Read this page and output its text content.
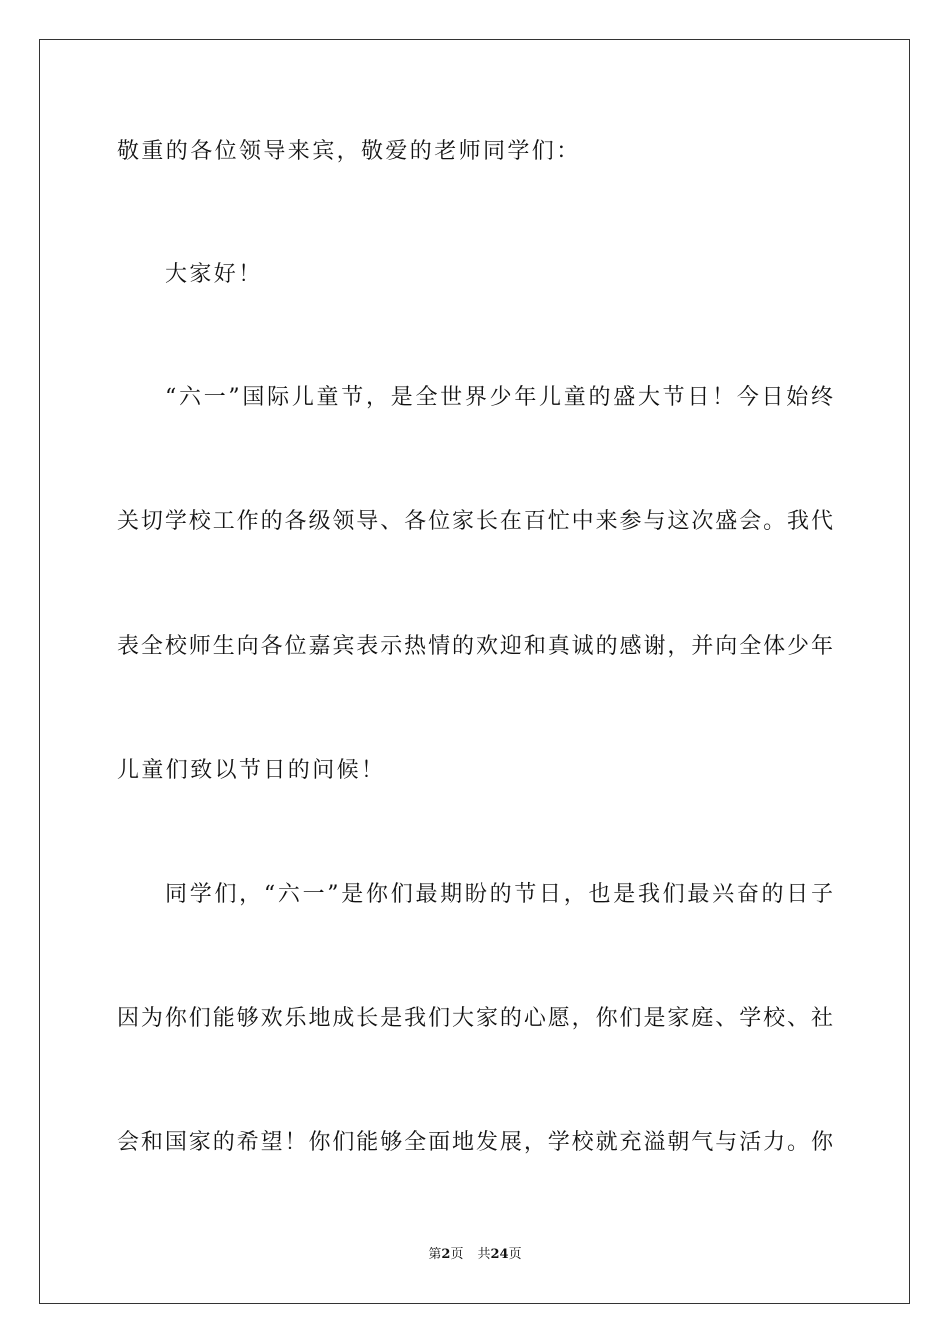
敬重的各位领导来宾，敬爱的老师同学们：
大家好！
“六一”国际儿童节，是全世界少年儿童的盛大节日！今日始终
关切学校工作的各级领导、各位家长在百忙中来参与这次盛会。我代
表全校师生向各位嘉宾表示热情的欢迎和真诚的感谢，并向全体少年
儿童们致以节日的问候！
同学们，“六一”是你们最期盼的节日，也是我们最兴奋的日子
因为你们能够欢乐地成长是我们大家的心愿，你们是家庭、学校、社
会和国家的希望！你们能够全面地发展，学校就充溢朝气与活力。你
第2页 共24页
